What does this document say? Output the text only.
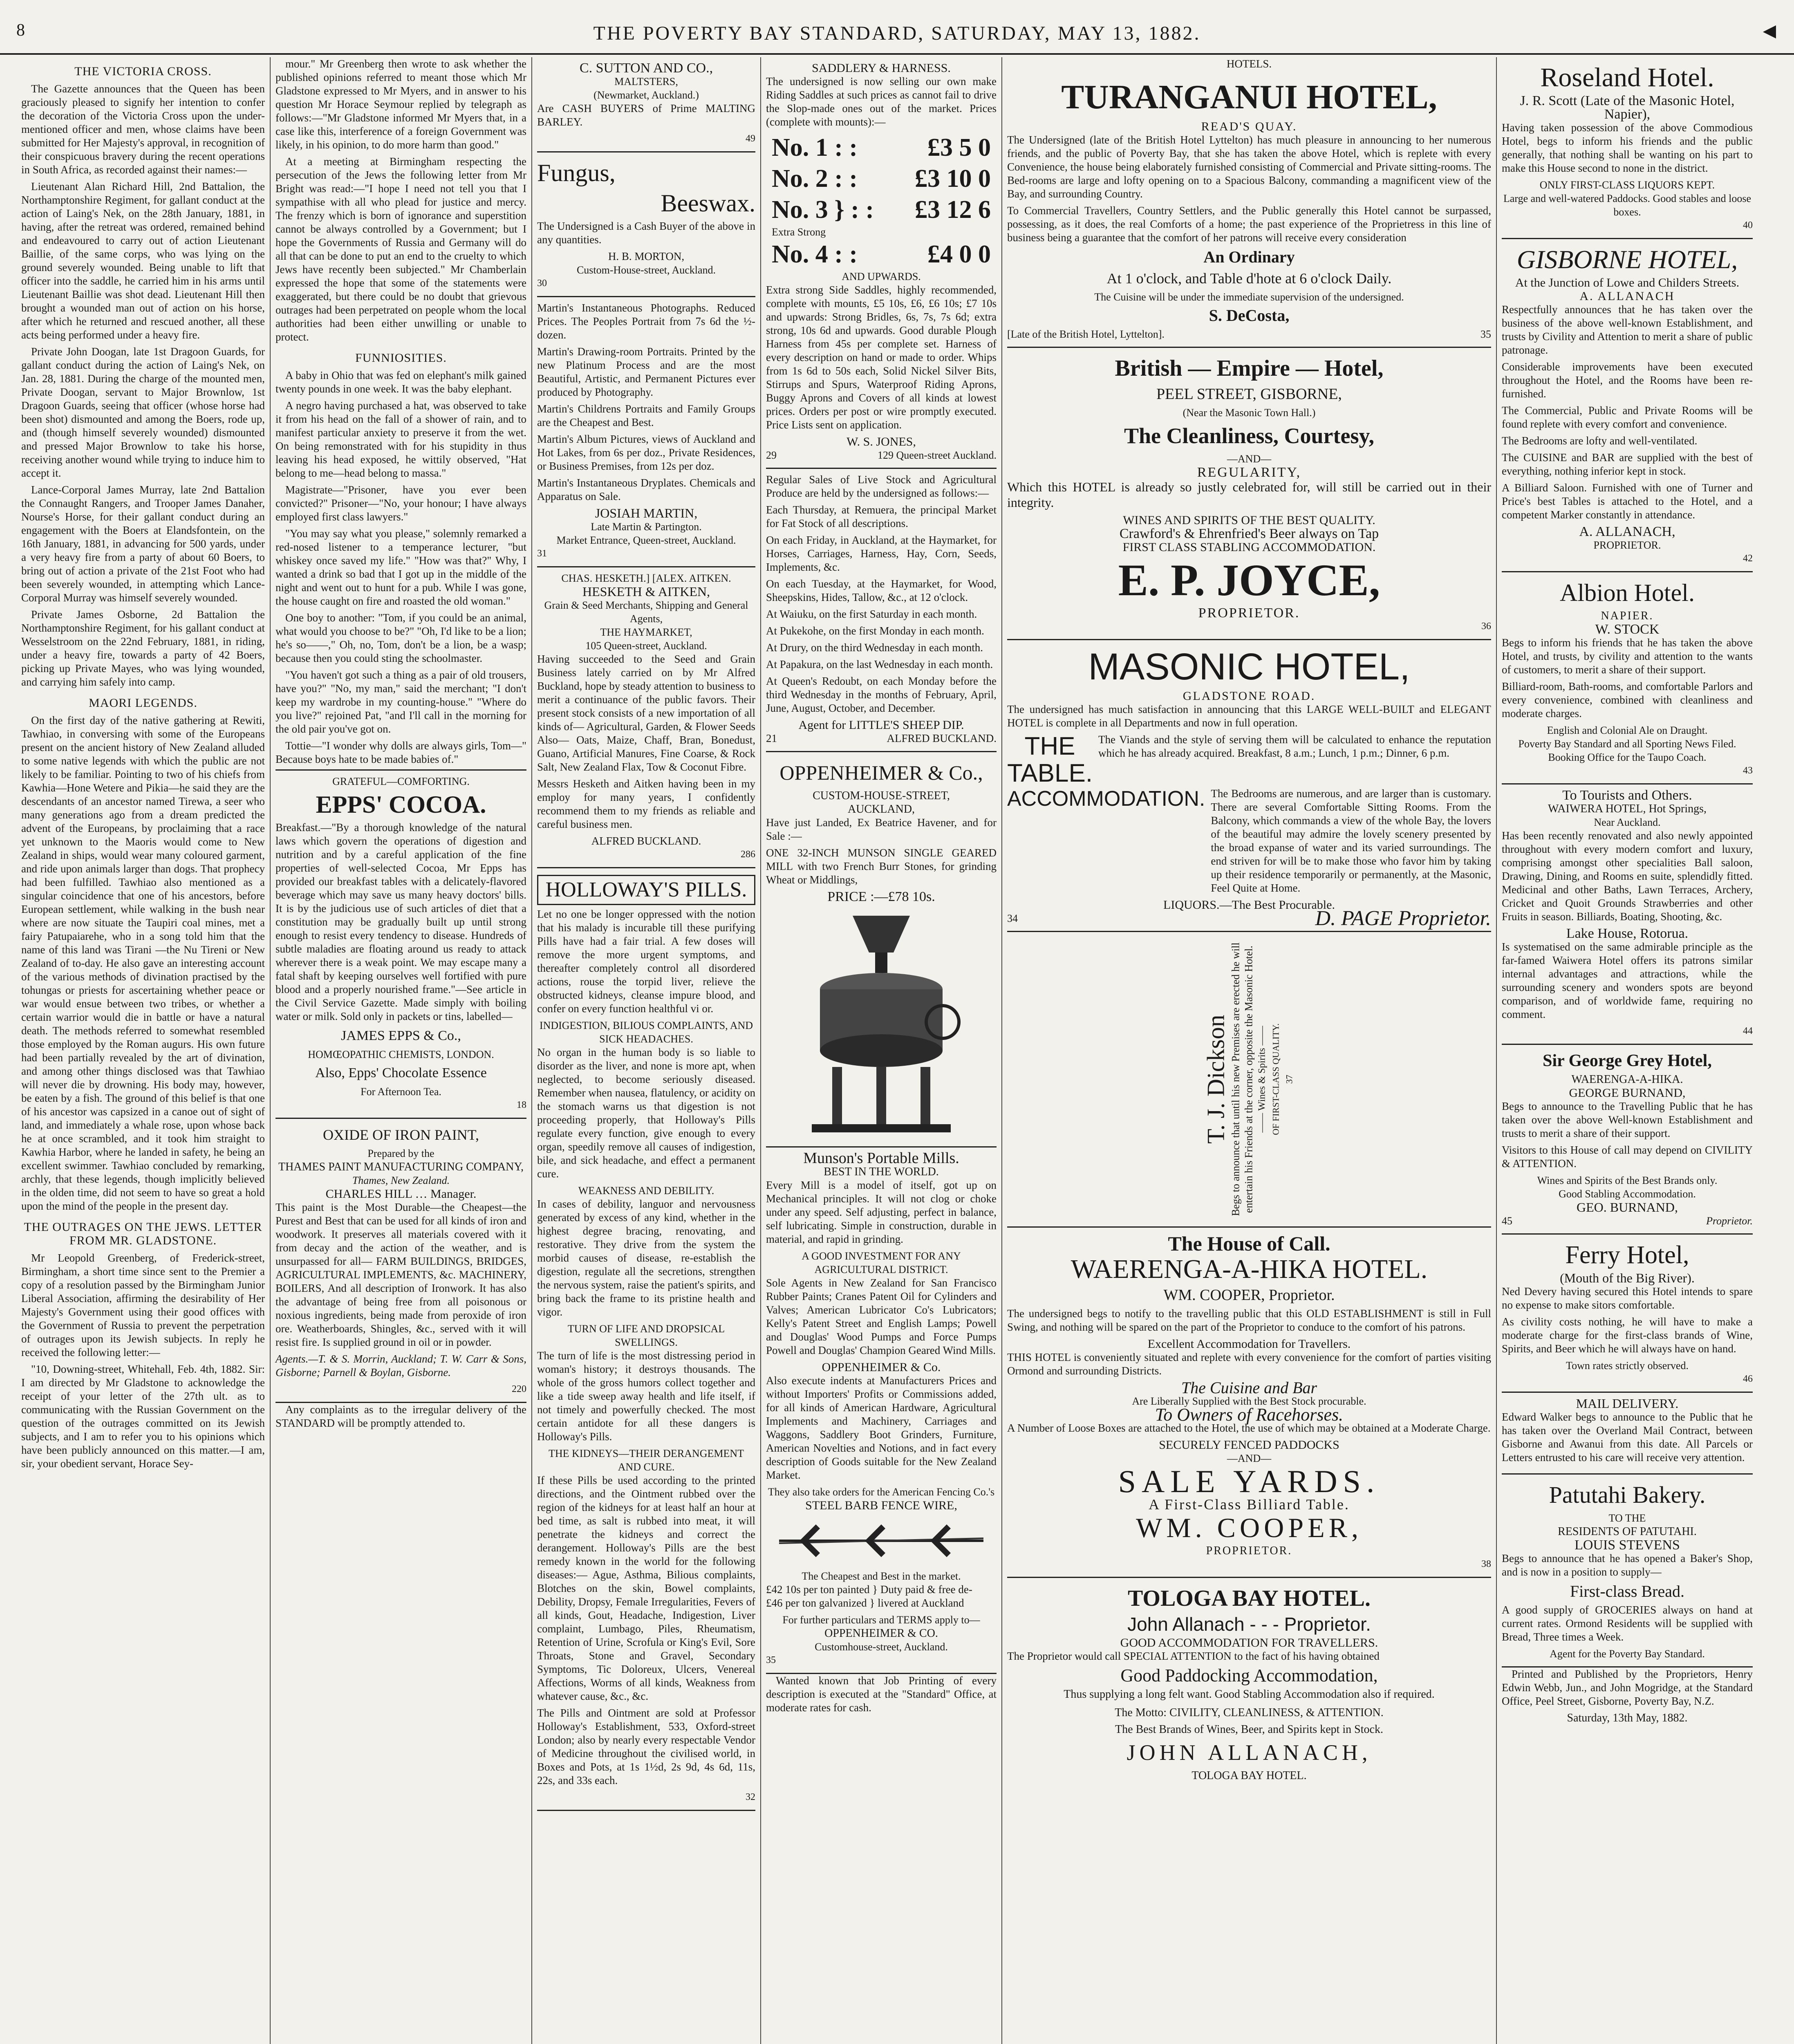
8	THE POVERTY BAY STANDARD, SATURDAY, MAY 13, 1882.	◀
THE VICTORIA CROSS.

The Gazette announces that the Queen has been graciously pleased to signify her intention to confer the decoration of the Victoria Cross upon the under-mentioned officer and men, whose claims have been submitted for Her Majesty's approval, in recognition of their conspicuous bravery during the recent operations in South Africa, as recorded against their names:—

Lieutenant Alan Richard Hill, 2nd Battalion, the Northamptonshire Regiment, for gallant conduct at the action of Laing's Nek, on the 28th January, 1881, in having, after the retreat was ordered, remained behind and endeavoured to carry out of action Lieutenant Baillie, of the same corps, who was lying on the ground severely wounded. Being unable to lift that officer into the saddle, he carried him in his arms until Lieutenant Baillie was shot dead. Lieutenant Hill then brought a wounded man out of action on his horse, after which he returned and rescued another, all these acts being performed under a heavy fire.

Private John Doogan, late 1st Dragoon Guards, for gallant conduct during the action of Laing's Nek, on Jan. 28, 1881. During the charge of the mounted men, Private Doogan, servant to Major Brownlow, 1st Dragoon Guards, seeing that officer (whose horse had been shot) dismounted and among the Boers, rode up, and (though himself severely wounded) dismounted and pressed Major Brownlow to take his horse, receiving another wound while trying to induce him to accept it.

Lance-Corporal James Murray, late 2nd Battalion the Connaught Rangers, and Trooper James Danaher, Nourse's Horse, for their gallant conduct during an engagement with the Boers at Elandsfontein, on the 16th January, 1881, in advancing for 500 yards, under a very heavy fire from a party of about 60 Boers, to bring out of action a private of the 21st Foot who had been severely wounded, in attempting which Lance-Corporal Murray was himself severely wounded.

Private James Osborne, 2d Battalion the Northamptonshire Regiment, for his gallant conduct at Wesselstroom on the 22nd February, 1881, in riding, under a heavy fire, towards a party of 42 Boers, picking up Private Mayes, who was lying wounded, and carrying him safely into camp.

MAORI LEGENDS.

On the first day of the native gathering at Rewiti, Tawhiao, in conversing with some of the Europeans present on the ancient history of New Zealand alluded to some native legends with which the public are not likely to be familiar. Pointing to two of his chiefs from Kawhia—Hone Wetere and Pikia—he said they are the descendants of an ancestor named Tirewa, a seer who many generations ago from a dream predicted the advent of the Europeans, by proclaiming that a race yet unknown to the Maoris would come to New Zealand in ships, would wear many coloured garment, and ride upon animals larger than dogs. That prophecy had been fulfilled. Tawhiao also mentioned as a singular coincidence that one of his ancestors, before European settlement, while walking in the bush near where are now situate the Taupiri coal mines, met a fairy Patupaiarehe, who in a song told him that the name of this land was Tirani —the Nu Tireni or New Zealand of to-day. He also gave an interesting account of the various methods of divination practised by the tohungas or priests for ascertaining whether peace or war would ensue between two tribes, or whether a certain warrior would die in battle or have a natural death. The methods referred to somewhat resembled those employed by the Roman augurs. His own future had been partially revealed by the art of divination, and among other things disclosed was that Tawhiao will never die by drowning. His body may, however, be eaten by a fish. The ground of this belief is that one of his ancestor was capsized in a canoe out of sight of land, and immediately a whale rose, upon whose back he at once scrambled, and it took him straight to Kawhia Harbor, where he landed in safety, he being an excellent swimmer. Tawhiao concluded by remarking, archly, that these legends, though implicitly believed in the olden time, did not seem to have so great a hold upon the mind of the people in the present day.

THE OUTRAGES ON THE JEWS. LETTER FROM MR. GLADSTONE.

Mr Leopold Greenberg, of Frederick-street, Birmingham, a short time since sent to the Premier a copy of a resolution passed by the Birmingham Junior Liberal Association, affirming the desirability of Her Majesty's Government using their good offices with the Government of Russia to prevent the perpetration of outrages upon its Jewish subjects. In reply he received the following letter:—

"10, Downing-street, Whitehall, Feb. 4th, 1882. Sir: I am directed by Mr Gladstone to acknowledge the receipt of your letter of the 27th ult. as to communicating with the Russian Government on the question of the outrages committed on its Jewish subjects, and I am to refer you to his opinions which have been publicly announced on this matter.—I am, sir, your obedient servant, Horace Sey-

mour." Mr Greenberg then wrote to ask whether the published opinions referred to meant those which Mr Gladstone expressed to Mr Myers, and in answer to his question Mr Horace Seymour replied by telegraph as follows:—"Mr Gladstone informed Mr Myers that, in a case like this, interference of a foreign Government was likely, in his opinion, to do more harm than good."

At a meeting at Birmingham respecting the persecution of the Jews the following letter from Mr Bright was read:—"I hope I need not tell you that I sympathise with all who plead for justice and mercy. The frenzy which is born of ignorance and superstition cannot be always controlled by a Government; but I hope the Governments of Russia and Germany will do all that can be done to put an end to the cruelty to which Jews have recently been subjected." Mr Chamberlain expressed the hope that some of the statements were exaggerated, but there could be no doubt that grievous outrages had been perpetrated on people whom the local authorities had been either unwilling or unable to protect.

FUNNIOSITIES.

A baby in Ohio that was fed on elephant's milk gained twenty pounds in one week. It was the baby elephant.

A negro having purchased a hat, was observed to take it from his head on the fall of a shower of rain, and to manifest particular anxiety to preserve it from the wet. On being remonstrated with for his stupidity in thus leaving his head exposed, he wittily observed, "Hat belong to me—head belong to massa."

Magistrate—"Prisoner, have you ever been convicted?" Prisoner—"No, your honour; I have always employed first class lawyers."

"You may say what you please," solemnly remarked a red-nosed listener to a temperance lecturer, "but whiskey once saved my life." "How was that?" Why, I wanted a drink so bad that I got up in the middle of the night and went out to hunt for a pub. While I was gone, the house caught on fire and roasted the old woman."

One boy to another: "Tom, if you could be an animal, what would you choose to be?" "Oh, I'd like to be a lion; he's so——," Oh, no, Tom, don't be a lion, be a wasp; because then you could sting the schoolmaster.

"You haven't got such a thing as a pair of old trousers, have you?" "No, my man," said the merchant; "I don't keep my wardrobe in my counting-house." "Where do you live?" rejoined Pat, "and I'll call in the morning for the old pair you've got on.

Tottie—"I wonder why dolls are always girls, Tom—" Because boys hate to be made babies of."

GRATEFUL—COMFORTING.
EPPS' COCOA.

Breakfast.—"By a thorough knowledge of the natural laws which govern the operations of digestion and nutrition and by a careful application of the fine properties of well-selected Cocoa, Mr Epps has provided our breakfast tables with a delicately-flavored beverage which may save us many heavy doctors' bills. It is by the judicious use of such articles of diet that a constitution may be gradually built up until strong enough to resist every tendency to disease. Hundreds of subtle maladies are floating around us ready to attack wherever there is a weak point. We may escape many a fatal shaft by keeping ourselves well fortified with pure blood and a properly nourished frame."—See article in the Civil Service Gazette. Made simply with boiling water or milk. Sold only in packets or tins, labelled—

JAMES EPPS & Co.,
HOMŒOPATHIC CHEMISTS, LONDON.
Also, Epps' Chocolate Essence
For Afternoon Tea.
18
OXIDE OF IRON PAINT,
Prepared by the
THAMES PAINT MANUFACTURING COMPANY,
Thames, New Zealand.
CHARLES HILL … Manager.

This paint is the Most Durable—the Cheapest—the Purest and Best that can be used for all kinds of iron and woodwork. It preserves all materials covered with it from decay and the action of the weather, and is unsurpassed for all— FARM BUILDINGS, BRIDGES, AGRICULTURAL IMPLEMENTS, &c. MACHINERY, BOILERS, And all description of Ironwork. It has also the advantage of being free from all poisonous or noxious ingredients, being made from peroxide of iron ore. Weatherboards, Shingles, &c., served with it will resist fire. Is supplied ground in oil or in powder.

Agents.—T. & S. Morrin, Auckland; T. W. Carr & Sons, Gisborne; Parnell & Boylan, Gisborne.

220

Any complaints as to the irregular delivery of the STANDARD will be promptly attended to.

C. SUTTON AND CO.,
MALTSTERS,
(Newmarket, Auckland.)

Are CASH BUYERS of Prime MALTING BARLEY.

49
Fungus,
Beeswax.

The Undersigned is a Cash Buyer of the above in any quantities.

H. B. MORTON,
Custom-House-street, Auckland.
30

Martin's Instantaneous Photographs. Reduced Prices. The Peoples Portrait from 7s 6d the ½-dozen.

Martin's Drawing-room Portraits. Printed by the new Platinum Process and are the most Beautiful, Artistic, and Permanent Pictures ever produced by Photography.

Martin's Childrens Portraits and Family Groups are the Cheapest and Best.

Martin's Album Pictures, views of Auckland and Hot Lakes, from 6s per doz., Private Residences, or Business Premises, from 12s per doz.

Martin's Instantaneous Dryplates. Chemicals and Apparatus on Sale.

JOSIAH MARTIN,
Late Martin & Partington.
Market Entrance, Queen-street, Auckland.
31
CHAS. HESKETH.] [ALEX. AITKEN.
HESKETH & AITKEN,
Grain & Seed Merchants, Shipping and General Agents,
THE HAYMARKET,
105 Queen-street, Auckland.

Having succeeded to the Seed and Grain Business lately carried on by Mr Alfred Buckland, hope by steady attention to business to merit a continuance of the public favors. Their present stock consists of a new importation of all kinds of— Agricultural, Garden, & Flower Seeds Also— Oats, Maize, Chaff, Bran, Bonedust, Guano, Artificial Manures, Fine Coarse, & Rock Salt, New Zealand Flax, Tow & Coconut Fibre.

Messrs Hesketh and Aitken having been in my employ for many years, I confidently recommend them to my friends as reliable and careful business men.

ALFRED BUCKLAND.
286
HOLLOWAY'S PILLS.

Let no one be longer oppressed with the notion that his malady is incurable till these purifying Pills have had a fair trial. A few doses will remove the more urgent symptoms, and thereafter completely control all disordered actions, rouse the torpid liver, relieve the obstructed kidneys, cleanse impure blood, and confer on every function healthful vi or.

INDIGESTION, BILIOUS COMPLAINTS, AND SICK HEADACHES.

No organ in the human body is so liable to disorder as the liver, and none is more apt, when neglected, to become seriously diseased. Remember when nausea, flatulency, or acidity on the stomach warns us that digestion is not proceeding properly, that Holloway's Pills regulate every function, give enough to every organ, speedily remove all causes of indigestion, bile, and sick headache, and effect a permanent cure.

WEAKNESS AND DEBILITY.

In cases of debility, languor and nervousness generated by excess of any kind, whether in the highest degree bracing, renovating, and restorative. They drive from the system the morbid causes of disease, re-establish the digestion, regulate all the secretions, strengthen the nervous system, raise the patient's spirits, and bring back the frame to its pristine health and vigor.

TURN OF LIFE AND DROPSICAL SWELLINGS.

The turn of life is the most distressing period in woman's history; it destroys thousands. The whole of the gross humors collect together and like a tide sweep away health and life itself, if not timely and powerfully checked. The most certain antidote for all these dangers is Holloway's Pills.

THE KIDNEYS—THEIR DERANGEMENT AND CURE.

If these Pills be used according to the printed directions, and the Ointment rubbed over the region of the kidneys for at least half an hour at bed time, as salt is rubbed into meat, it will penetrate the kidneys and correct the derangement. Holloway's Pills are the best remedy known in the world for the following diseases:— Ague, Asthma, Bilious complaints, Blotches on the skin, Bowel complaints, Debility, Dropsy, Female Irregularities, Fevers of all kinds, Gout, Headache, Indigestion, Liver complaint, Lumbago, Piles, Rheumatism, Retention of Urine, Scrofula or King's Evil, Sore Throats, Stone and Gravel, Secondary Symptoms, Tic Doloreux, Ulcers, Venereal Affections, Worms of all kinds, Weakness from whatever cause, &c., &c.

The Pills and Ointment are sold at Professor Holloway's Establishment, 533, Oxford-street London; also by nearly every respectable Vendor of Medicine throughout the civilised world, in Boxes and Pots, at 1s 1½d, 2s 9d, 4s 6d, 11s, 22s, and 33s each.

32
SADDLERY & HARNESS.

The undersigned is now selling our own make Riding Saddles at such prices as cannot fail to drive the Slop-made ones out of the market. Prices (complete with mounts):—

No. 1 : :	£3 5 0
No. 2 : : £3 10 0
No. 3 } : : £3 12 6
Extra Strong
No. 4 : :	£4 0 0
AND UPWARDS.

Extra strong Side Saddles, highly recommended, complete with mounts, £5 10s, £6, £6 10s; £7 10s and upwards: Strong Bridles, 6s, 7s, 7s 6d; extra strong, 10s 6d and upwards. Good durable Plough Harness from 45s per complete set. Harness of every description on hand or made to order. Whips from 1s 6d to 50s each, Solid Nickel Silver Bits, Stirrups and Spurs, Waterproof Riding Aprons, Buggy Aprons and Covers of all kinds at lowest prices. Orders per post or wire promptly executed. Price Lists sent on application.

W. S. JONES,
29	129 Queen-street Auckland.

Regular Sales of Live Stock and Agricultural Produce are held by the undersigned as follows:—

Each Thursday, at Remuera, the principal Market for Fat Stock of all descriptions.

On each Friday, in Auckland, at the Haymarket, for Horses, Carriages, Harness, Hay, Corn, Seeds, Implements, &c.

On each Tuesday, at the Haymarket, for Wood, Sheepskins, Hides, Tallow, &c., at 12 o'clock.

At Waiuku, on the first Saturday in each month.

At Pukekohe, on the first Monday in each month.

At Drury, on the third Wednesday in each month.

At Papakura, on the last Wednesday in each month.

At Queen's Redoubt, on each Monday before the third Wednesday in the months of February, April, June, August, October, and December.

Agent for LITTLE'S SHEEP DIP.
21	ALFRED BUCKLAND.
OPPENHEIMER & Co.,
CUSTOM-HOUSE-STREET,
AUCKLAND,

Have just Landed, Ex Beatrice Havener, and for Sale :—

ONE 32-INCH MUNSON SINGLE GEARED MILL with two French Burr Stones, for grinding Wheat or Middlings,

PRICE :—£78 10s.
Munson's Portable Mills.
BEST IN THE WORLD.

Every Mill is a model of itself, got up on Mechanical principles. It will not clog or choke under any speed. Self adjusting, perfect in balance, self lubricating. Simple in construction, durable in material, and rapid in grinding.

A GOOD INVESTMENT FOR ANY AGRICULTURAL DISTRICT.

Sole Agents in New Zealand for San Francisco Rubber Paints; Cranes Patent Oil for Cylinders and Valves; American Lubricator Co's Lubricators; Kelly's Patent Street and English Lamps; Powell and Douglas' Wood Pumps and Force Pumps Powell and Douglas' Champion Geared Wind Mills.

OPPENHEIMER & Co.

Also execute indents at Manufacturers Prices and without Importers' Profits or Commissions added, for all kinds of American Hardware, Agricultural Implements and Machinery, Carriages and Waggons, Saddlery Boot Grinders, Furniture, American Novelties and Notions, and in fact every description of Goods suitable for the New Zealand Market.

They also take orders for the American Fencing Co.'s
STEEL BARB FENCE WIRE,
The Cheapest and Best in the market.

£42 10s per ton painted } Duty paid & free de-
£46 per ton galvanized } livered at Auckland

For further particulars and TERMS apply to—
OPPENHEIMER & CO.
Customhouse-street, Auckland.
35

Wanted known that Job Printing of every description is executed at the "Standard" Office, at moderate rates for cash.

HOTELS.
TURANGANUI HOTEL,
READ'S QUAY.

The Undersigned (late of the British Hotel Lyttelton) has much pleasure in announcing to her numerous friends, and the public of Poverty Bay, that she has taken the above Hotel, which is replete with every Convenience, the house being elaborately furnished consisting of Commercial and Private sitting-rooms. The Bed-rooms are large and lofty opening on to a Spacious Balcony, commanding a magnificent view of the Bay, and surrounding Country.

To Commercial Travellers, Country Settlers, and the Public generally this Hotel cannot be surpassed, possessing, as it does, the real Comforts of a home; the past experience of the Proprietress in this line of business being a guarantee that the comfort of her patrons will receive every consideration

An Ordinary
At 1 o'clock, and Table d'hote at 6 o'clock Daily.
The Cuisine will be under the immediate supervision of the undersigned.
S. DeCosta,
[Late of the British Hotel, Lyttelton].	35
British — Empire — Hotel,
PEEL STREET, GISBORNE,
(Near the Masonic Town Hall.)
The Cleanliness, Courtesy,
—AND—
REGULARITY,

Which this HOTEL is already so justly celebrated for, will still be carried out in their integrity.

WINES AND SPIRITS OF THE BEST QUALITY.
Crawford's & Ehrenfried's Beer always on Tap
FIRST CLASS STABLING ACCOMMODATION.
E. P. JOYCE,
PROPRIETOR.
36
MASONIC HOTEL,
GLADSTONE ROAD.

The undersigned has much satisfaction in announcing that this LARGE WELL-BUILT and ELEGANT HOTEL is complete in all Departments and now in full operation.

THE TABLE.

The Viands and the style of serving them will be calculated to enhance the reputation which he has already acquired. Breakfast, 8 a.m.; Lunch, 1 p.m.; Dinner, 6 p.m.

ACCOMMODATION. The Bedrooms are numerous, and are larger than is customary. There are several Comfortable Sitting Rooms. From the Balcony, which commands a view of the whole Bay, the lovers of the beautiful may admire the lovely scenery presented by the broad expanse of water and its varied surroundings. The end striven for will be to make those who favor him by taking up their residence temporarily or permanently, at the Masonic, Feel Quite at Home.

LIQUORS.—The Best Procurable.
34	D. PAGE Proprietor.
T. J. Dickson Begs to announce that until his new Premises are erected he will entertain his Friends at the corner, opposite the Masonic Hotel. —— Wines & Spirits —— OF FIRST-CLASS QUALITY. 37
The House of Call.
WAERENGA-A-HIKA HOTEL.
WM. COOPER, Proprietor.

The undersigned begs to notify to the travelling public that this OLD ESTABLISHMENT is still in Full Swing, and nothing will be spared on the part of the Proprietor to conduce to the comfort of his patrons.

Excellent Accommodation for Travellers.

THIS HOTEL is conveniently situated and replete with every convenience for the comfort of parties visiting Ormond and surrounding Districts.

The Cuisine and Bar
Are Liberally Supplied with the Best Stock procurable.
To Owners of Racehorses.

A Number of Loose Boxes are attached to the Hotel, the use of which may be obtained at a Moderate Charge.

SECURELY FENCED PADDOCKS
—AND—
SALE YARDS.
A First-Class Billiard Table.
WM. COOPER,
PROPRIETOR.
38
TOLOGA BAY HOTEL.
John Allanach - - - Proprietor.
GOOD ACCOMMODATION FOR TRAVELLERS.

The Proprietor would call SPECIAL ATTENTION to the fact of his having obtained

Good Paddocking Accommodation,
Thus supplying a long felt want. Good Stabling Accommodation also if required.
The Motto: CIVILITY, CLEANLINESS, & ATTENTION.
The Best Brands of Wines, Beer, and Spirits kept in Stock.
JOHN ALLANACH,
TOLOGA BAY HOTEL.
Roseland Hotel.
J. R. Scott (Late of the Masonic Hotel, Napier),

Having taken possession of the above Commodious Hotel, begs to inform his friends and the public generally, that nothing shall be wanting on his part to make this House second to none in the district.

ONLY FIRST-CLASS LIQUORS KEPT.
Large and well-watered Paddocks. Good stables and loose boxes.
40
GISBORNE HOTEL,
At the Junction of Lowe and Childers Streets.
A. ALLANACH

Respectfully announces that he has taken over the business of the above well-known Establishment, and trusts by Civility and Attention to merit a share of public patronage.

Considerable improvements have been executed throughout the Hotel, and the Rooms have been re-furnished.

The Commercial, Public and Private Rooms will be found replete with every comfort and convenience.

The Bedrooms are lofty and well-ventilated.

The CUISINE and BAR are supplied with the best of everything, nothing inferior kept in stock.

A Billiard Saloon. Furnished with one of Turner and Price's best Tables is attached to the Hotel, and a competent Marker constantly in attendance.

A. ALLANACH,
PROPRIETOR.
42
Albion Hotel.
NAPIER.
W. STOCK

Begs to inform his friends that he has taken the above Hotel, and trusts, by civility and attention to the wants of customers, to merit a share of their support.

Billiard-room, Bath-rooms, and comfortable Parlors and every convenience, combined with cleanliness and moderate charges.

English and Colonial Ale on Draught.
Poverty Bay Standard and all Sporting News Filed.
Booking Office for the Taupo Coach.
43
To Tourists and Others.
WAIWERA HOTEL, Hot Springs,
Near Auckland.

Has been recently renovated and also newly appointed throughout with every modern comfort and luxury, comprising amongst other specialities Ball saloon, Drawing, Dining, and Rooms en suite, splendidly fitted. Medicinal and other Baths, Lawn Terraces, Archery, Cricket and Quoit Grounds Strawberries and other Fruits in season. Billiards, Boating, Shooting, &c.

Lake House, Rotorua.

Is systematised on the same admirable principle as the far-famed Waiwera Hotel offers its patrons similar internal advantages and attractions, while the surrounding scenery and wonders spots are beyond comparison, and of worldwide fame, requiring no comment.

44
Sir George Grey Hotel,
WAERENGA-A-HIKA.
GEORGE BURNAND,

Begs to announce to the Travelling Public that he has taken over the above Well-known Establishment and trusts to merit a share of their support.

Visitors to this House of call may depend on CIVILITY & ATTENTION.

Wines and Spirits of the Best Brands only.
Good Stabling Accommodation.
GEO. BURNAND,
45	Proprietor.
Ferry Hotel,
(Mouth of the Big River).

Ned Devery having secured this Hotel intends to spare no expense to make sitors comfortable.

As civility costs nothing, he will have to make a moderate charge for the first-class brands of Wine, Spirits, and Beer which he will always have on hand.

Town rates strictly observed.
46
MAIL DELIVERY.

Edward Walker begs to announce to the Public that he has taken over the Overland Mail Contract, between Gisborne and Awanui from this date. All Parcels or Letters entrusted to his care will receive very attention.

Patutahi Bakery.
TO THE
RESIDENTS OF PATUTAHI.
LOUIS STEVENS

Begs to announce that he has opened a Baker's Shop, and is now in a position to supply—

First-class Bread.

A good supply of GROCERIES always on hand at current rates. Ormond Residents will be supplied with Bread, Three times a Week.

Agent for the Poverty Bay Standard.

Printed and Published by the Proprietors, Henry Edwin Webb, Jun., and John Mogridge, at the Standard Office, Peel Street, Gisborne, Poverty Bay, N.Z.

Saturday, 13th May, 1882.
